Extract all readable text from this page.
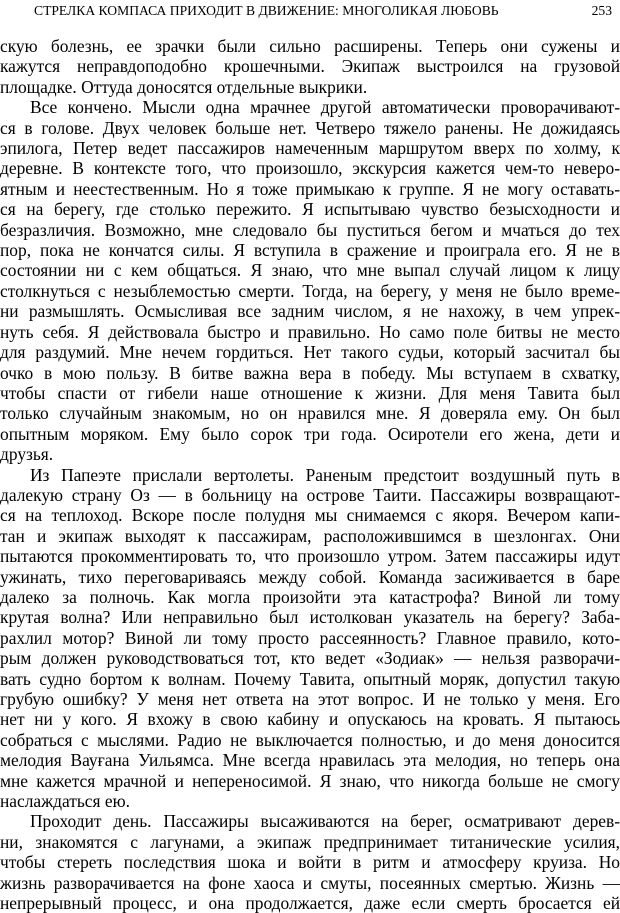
СТРЕЛКА КОМПАСА ПРИХОДИТ В ДВИЖЕНИЕ: МНОГОЛИКАЯ ЛЮБОВЬ	253
скую болезнь, ее зрачки были сильно расширены. Теперь они сужены и
кажутся неправдоподобно крошечными. Экипаж выстроился на грузовой
площадке. Оттуда доносятся отдельные выкрики.
Все кончено. Мысли одна мрачнее другой автоматически проворачивают-
ся в голове. Двух человек больше нет. Четверо тяжело ранены. Не дожидаясь
эпилога, Петер ведет пассажиров намеченным маршрутом вверх по холму, к
деревне. В контексте того, что произошло, экскурсия кажется чем-то неверо-
ятным и неестественным. Но я тоже примыкаю к группе. Я не могу оставать-
ся на берегу, где столько пережито. Я испытываю чувство безысходности и
безразличия. Возможно, мне следовало бы пуститься бегом и мчаться до тех
пор, пока не кончатся силы. Я вступила в сражение и проиграла его. Я не в
состоянии ни с кем общаться. Я знаю, что мне выпал случай лицом к лицу
столкнуться с незыблемостью смерти. Тогда, на берегу, у меня не было време-
ни размышлять. Осмысливая все задним числом, я не нахожу, в чем упрек-
нуть себя. Я действовала быстро и правильно. Но само поле битвы не место
для раздумий. Мне нечем гордиться. Нет такого судьи, который засчитал бы
очко в мою пользу. В битве важна вера в победу. Мы вступаем в схватку,
чтобы спасти от гибели наше отношение к жизни. Для меня Тавита был
только случайным знакомым, но он нравился мне. Я доверяла ему. Он был
опытным моряком. Ему было сорок три года. Осиротели его жена, дети и
друзья.
Из Папеэте прислали вертолеты. Раненым предстоит воздушный путь в
далекую страну Оз — в больницу на острове Таити. Пассажиры возвращают-
ся на теплоход. Вскоре после полудня мы снимаемся с якоря. Вечером капи-
тан и экипаж выходят к пассажирам, расположившимся в шезлонгах. Они
пытаются прокомментировать то, что произошло утром. Затем пассажиры идут
ужинать, тихо переговариваясь между собой. Команда засиживается в баре
далеко за полночь. Как могла произойти эта катастрофа? Виной ли тому
крутая волна? Или неправильно был истолкован указатель на берегу? Заба-
рахлил мотор? Виной ли тому просто рассеянность? Главное правило, кото-
рым должен руководствоваться тот, кто ведет «Зодиак» — нельзя разворачи-
вать судно бортом к волнам. Почему Тавита, опытный моряк, допустил такую
грубую ошибку? У меня нет ответа на этот вопрос. И не только у меня. Его
нет ни у кого. Я вхожу в свою кабину и опускаюсь на кровать. Я пытаюсь
собраться с мыслями. Радио не выключается полностью, и до меня доносится
мелодия Вауғана Уильямса. Мне всегда нравилась эта мелодия, но теперь она
мне кажется мрачной и непереносимой. Я знаю, что никогда больше не смогу
наслаждаться ею.
Проходит день. Пассажиры высаживаются на берег, осматривают дерев-
ни, знакомятся с лагунами, а экипаж предпринимает титанические усилия,
чтобы стереть последствия шока и войти в ритм и атмосферу круиза. Но
жизнь разворачивается на фоне хаоса и смуты, посеянных смертью. Жизнь —
непрерывный процесс, и она продолжается, даже если смерть бросается ей
